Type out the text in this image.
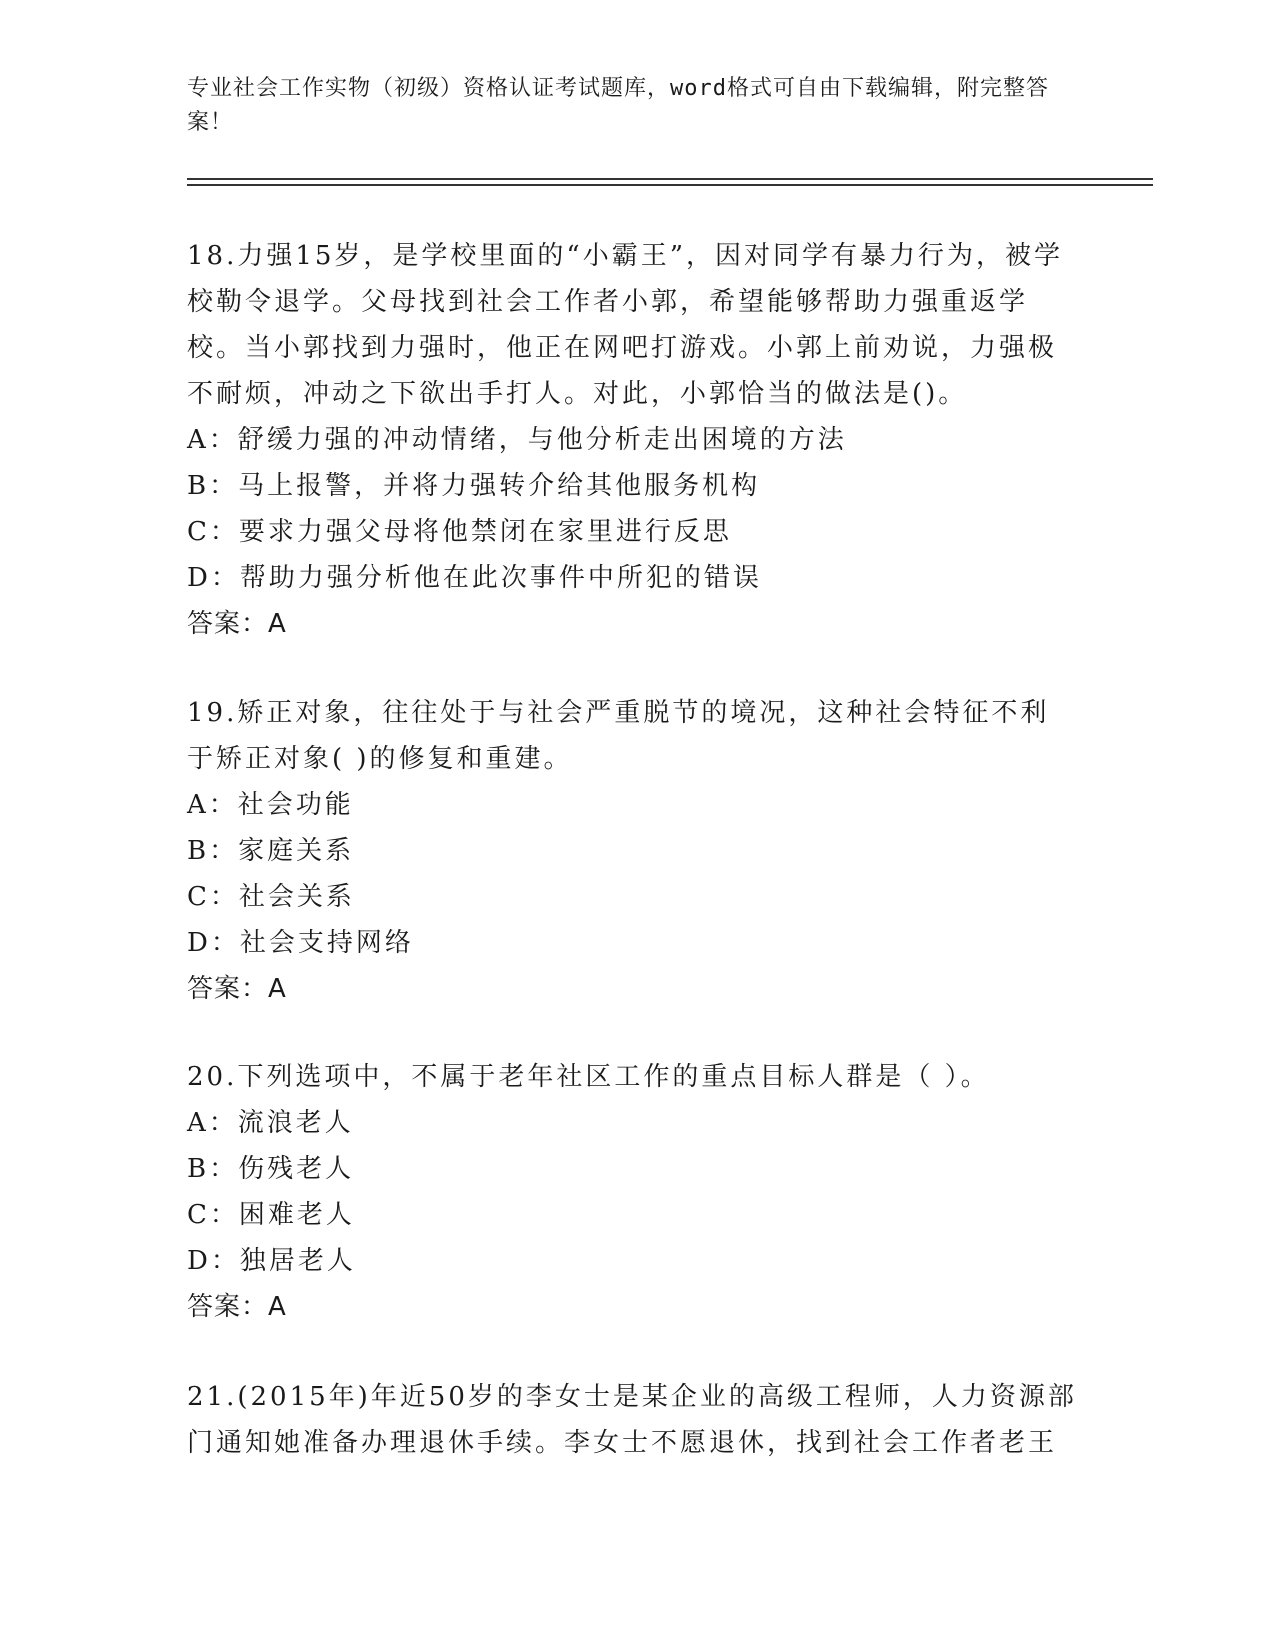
专业社会工作实物（初级）资格认证考试题库，word格式可自由下载编辑，附完整答案！

18.力强15岁，是学校里面的“小霸王”，因对同学有暴力行为，被学校勒令退学。父母找到社会工作者小郭，希望能够帮助力强重返学校。当小郭找到力强时，他正在网吧打游戏。小郭上前劝说，力强极不耐烦，冲动之下欲出手打人。对此，小郭恰当的做法是()。

A：舒缓力强的冲动情绪，与他分析走出困境的方法

B：马上报警，并将力强转介给其他服务机构

C：要求力强父母将他禁闭在家里进行反思

D：帮助力强分析他在此次事件中所犯的错误

答案：A

19.矫正对象，往往处于与社会严重脱节的境况，这种社会特征不利于矫正对象( )的修复和重建。

A：社会功能

B：家庭关系

C：社会关系

D：社会支持网络

答案：A

20.下列选项中，不属于老年社区工作的重点目标人群是（ ）。

A：流浪老人

B：伤残老人

C：困难老人

D：独居老人

答案：A

21.(2015年)年近50岁的李女士是某企业的高级工程师，人力资源部门通知她准备办理退休手续。李女士不愿退休，找到社会工作者老王
